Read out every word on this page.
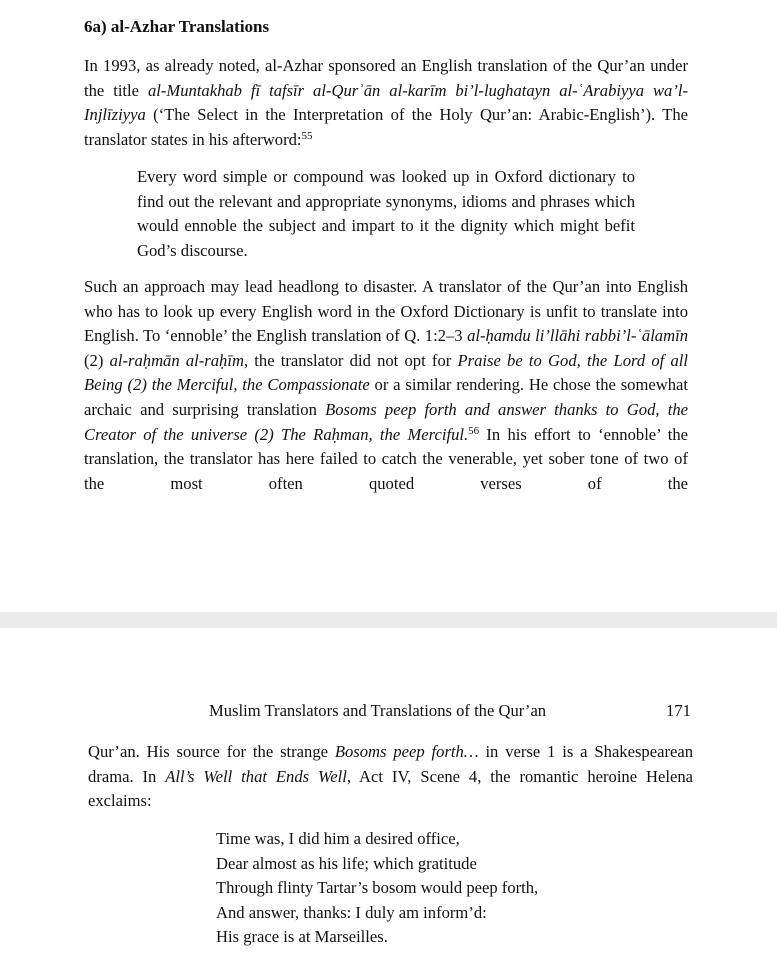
6a) al-Azhar Translations

In 1993, as already noted, al-Azhar sponsored an English translation of the Qur’an under the title al-Muntakhab fī tafsīr al-Qurʾān al-karīm bi’l-lughatayn al-ʿArabiyya wa’l-Injlīziyya (‘The Select in the Interpretation of the Holy Qur’an: Arabic-English’). The translator states in his afterword:$^{55}$

Every word simple or compound was looked up in Oxford dictionary to find out the relevant and appropriate synonyms, idioms and phrases which would ennoble the subject and impart to it the dignity which might befit God’s discourse.

Such an approach may lead headlong to disaster. A translator of the Qur’an into English who has to look up every English word in the Oxford Dictionary is unfit to translate into English. To ‘ennoble’ the English translation of Q. 1:2–3 al-ḥamdu li’llāhi rabbi’l-ʿālamīn (2) al-raḥmān al-raḥīm, the translator did not opt for Praise be to God, the Lord of all Being (2) the Merciful, the Compassionate or a similar rendering. He chose the somewhat archaic and surprising translation Bosoms peep forth and answer thanks to God, the Creator of the universe (2) The Raḥman, the Merciful.$^{56}$ In his effort to ‘ennoble’ the translation, the translator has here failed to catch the venerable, yet sober tone of two of the most often quoted verses of the

Muslim Translators and Translations of the Qur’an	171

Qur’an. His source for the strange Bosoms peep forth… in verse 1 is a Shakespearean drama. In All’s Well that Ends Well, Act IV, Scene 4, the romantic heroine Helena exclaims:

Time was, I did him a desired office,
Dear almost as his life; which gratitude
Through flinty Tartar’s bosom would peep forth,
And answer, thanks: I duly am inform’d:
His grace is at Marseilles.
